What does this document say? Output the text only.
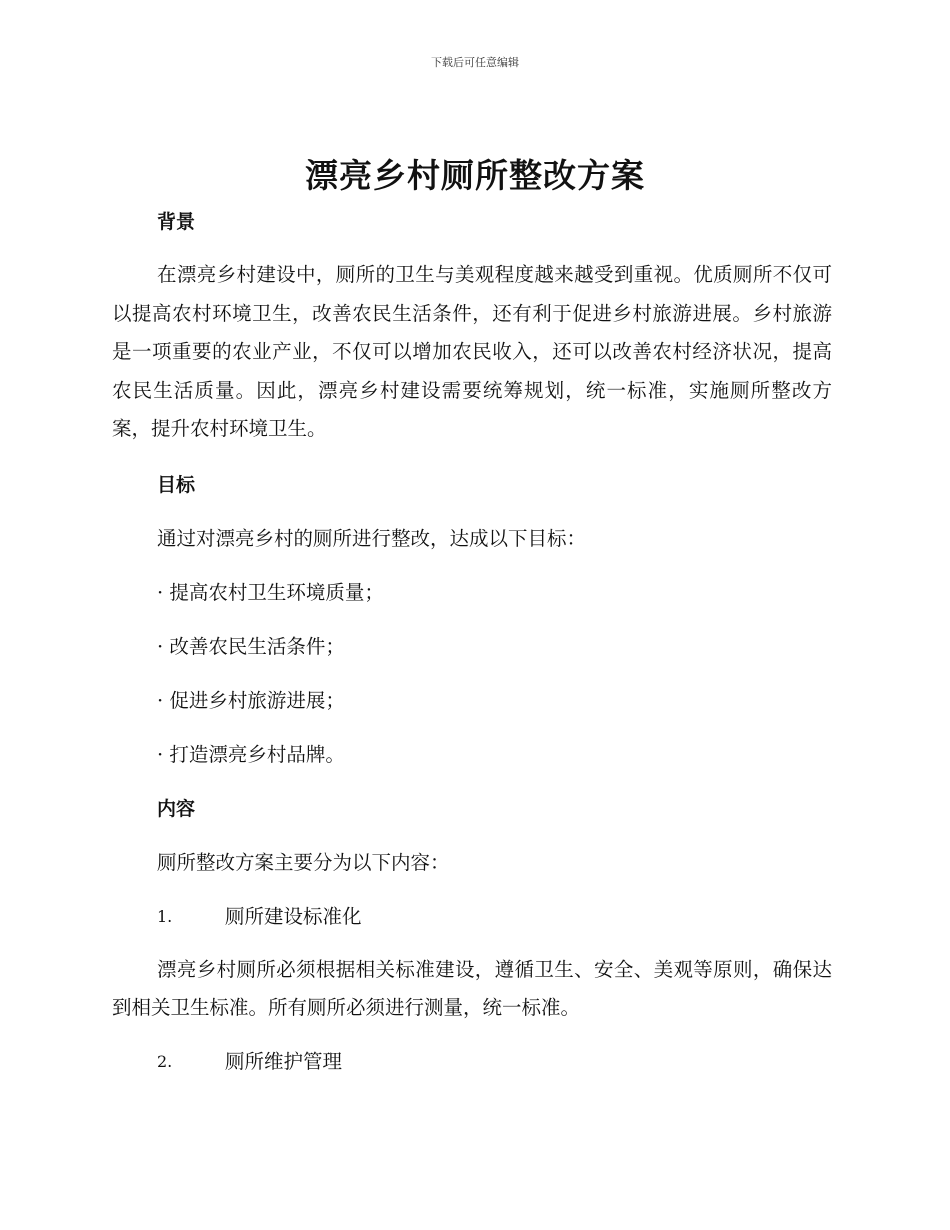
下载后可任意编辑
漂亮乡村厕所整改方案
背景

在漂亮乡村建设中，厕所的卫生与美观程度越来越受到重视。优质厕所不仅可以提高农村环境卫生，改善农民生活条件，还有利于促进乡村旅游进展。乡村旅游是一项重要的农业产业，不仅可以增加农民收入，还可以改善农村经济状况，提高农民生活质量。因此，漂亮乡村建设需要统筹规划，统一标准，实施厕所整改方案，提升农村环境卫生。

目标

通过对漂亮乡村的厕所进行整改，达成以下目标：

· 提高农村卫生环境质量；

· 改善农民生活条件；

· 促进乡村旅游进展；

· 打造漂亮乡村品牌。

内容

厕所整改方案主要分为以下内容：

1.	厕所建设标准化

漂亮乡村厕所必须根据相关标准建设，遵循卫生、安全、美观等原则，确保达到相关卫生标准。所有厕所必须进行测量，统一标准。

2.	厕所维护管理
